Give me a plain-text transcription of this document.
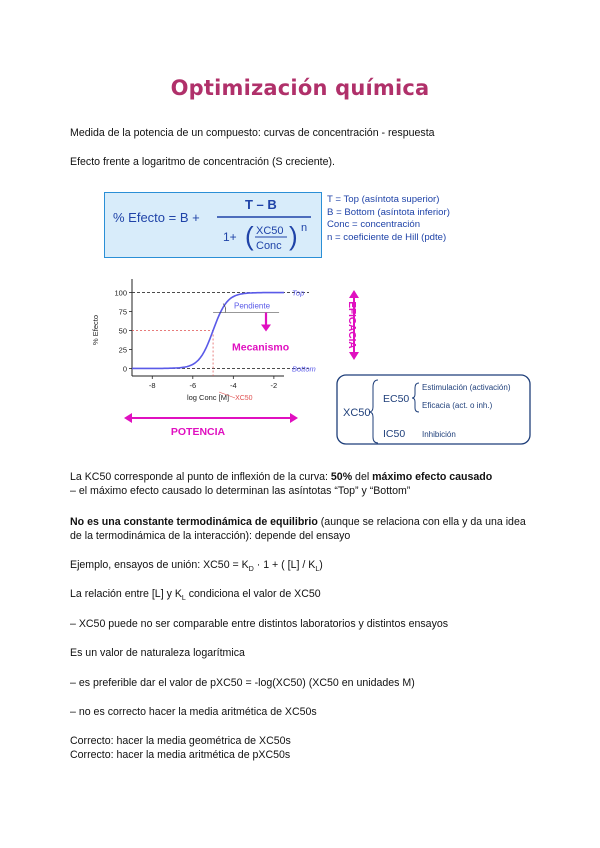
Optimización química
Medida de la potencia de un compuesto: curvas de concentración - respuesta
Efecto frente a logaritmo de concentración (S creciente).
% Efecto = B +
T – B
1+ ( XC50
Conc ) n
T = Top (asíntota superior)
B = Bottom (asíntota inferior)
Conc = concentración
n = coeficiente de Hill (pdte)
100
75
50
25
0
-8	-6	-4	-2
% Efecto
log Conc [M]
Top
Bottom
Pendiente
Mecanismo
XC50
EFICACIA
POTENCIA
XC50
EC50
IC50
Estimulación (activación)
Eficacia (act. o inh.)
Inhibición
La KC50 corresponde al punto de inflexión de la curva: 50% del máximo efecto causado
– el máximo efecto causado lo determinan las asíntotas “Top” y “Bottom”
No es una constante termodinámica de equilibrio (aunque se relaciona con ella y da una idea de la termodinámica de la interacción): depende del ensayo
Ejemplo, ensayos de unión: $XC50 = K_D \cdot 1$ + ( $[L] / K_L$)
La relación entre [L] y $K_L$ condiciona el valor de XC50
– XC50 puede no ser comparable entre distintos laboratorios y distintos ensayos
Es un valor de naturaleza logarítmica
– es preferible dar el valor de pXC50 = -log(XC50) (XC50 en unidades M)
– no es correcto hacer la media aritmética de XC50s
Correcto: hacer la media geométrica de XC50s
Correcto: hacer la media aritmética de pXC50s
